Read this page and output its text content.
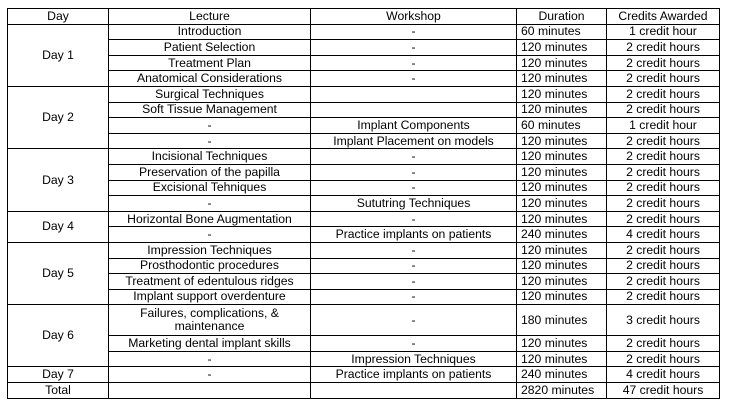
Day	Lecture	Workshop	Duration	Credits Awarded
Day 1	Introduction	-	60 minutes	1 credit hour
	Patient Selection	-	120 minutes	2 credit hours
	Treatment Plan	-	120 minutes	2 credit hours
	Anatomical Considerations	-	120 minutes	2 credit hours
Day 2	Surgical Techniques		120 minutes	2 credit hours
	Soft Tissue Management		120 minutes	2 credit hours
	-	Implant Components	60 minutes	1 credit hour
	-	Implant Placement on models	120 minutes	2 credit hours
Day 3	Incisional Techniques	-	120 minutes	2 credit hours
	Preservation of the papilla	-	120 minutes	2 credit hours
	Excisional Tehniques	-	120 minutes	2 credit hours
	-	Sututring Techniques	120 minutes	2 credit hours
Day 4	Horizontal Bone Augmentation	-	120 minutes	2 credit hours
	-	Practice implants on patients	240 minutes	4 credit hours
Day 5	Impression Techniques	-	120 minutes	2 credit hours
	Prosthodontic procedures	-	120 minutes	2 credit hours
	Treatment of edentulous ridges	-	120 minutes	2 credit hours
	Implant support overdenture	-	120 minutes	2 credit hours
Day 6	Failures, complications, & maintenance	-	180 minutes	3 credit hours
	Marketing dental implant skills	-	120 minutes	2 credit hours
	-	Impression Techniques	120 minutes	2 credit hours
Day 7	-	Practice implants on patients	240 minutes	4 credit hours
Total			2820 minutes	47 credit hours
